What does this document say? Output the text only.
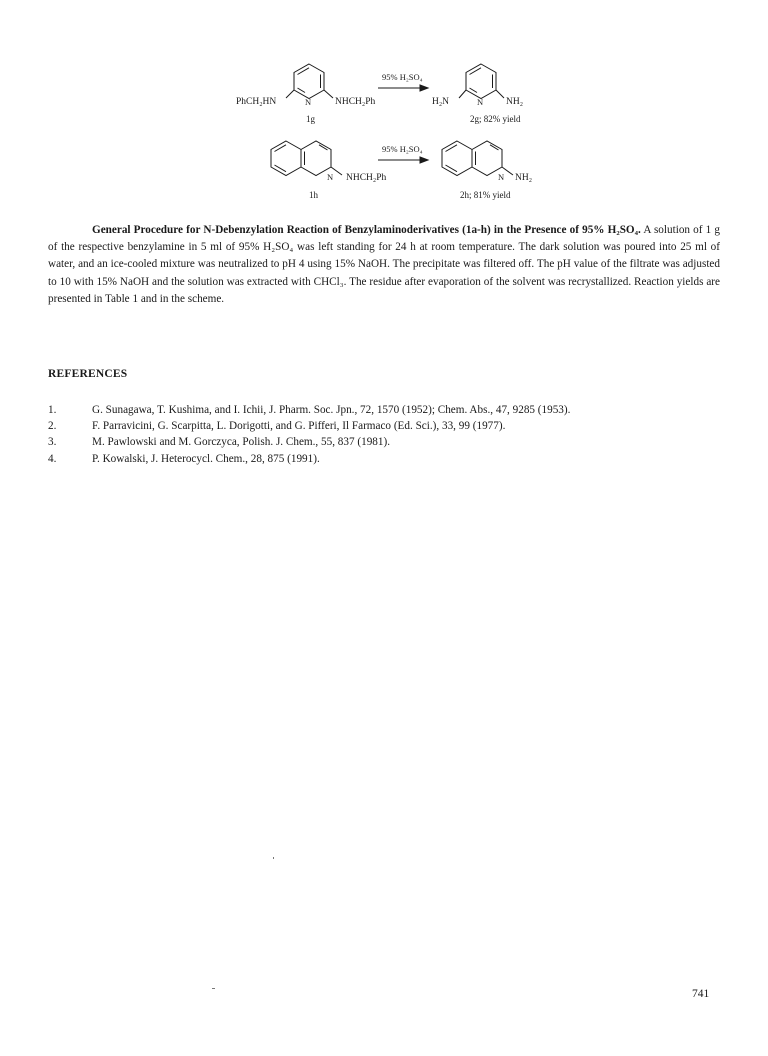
PhCH₂HN	N	NHCH₂Ph
1g
95% H₂SO₄
H₂N	N NH₂
2g; 82% yield
N NHCH₂Ph
1h
95% H₂SO₄
N NH₂
2h; 81% yield

General Procedure for N-Debenzylation Reaction of Benzylaminoderivatives (1a-h) in the Presence of 95% H₂SO₄. A solution of 1 g of the respective benzylamine in 5 ml of 95% H₂SO₄ was left standing for 24 h at room temperature. The dark solution was poured into 25 ml of water, and an ice-cooled mixture was neutralized to pH 4 using 15% NaOH. The precipitate was filtered off. The pH value of the filtrate was adjusted to 10 with 15% NaOH and the solution was extracted with CHCl₃. The residue after evaporation of the solvent was recrystallized. Reaction yields are presented in Table 1 and in the scheme.

REFERENCES
1.	G. Sunagawa, T. Kushima, and I. Ichii, J. Pharm. Soc. Jpn., 72, 1570 (1952); Chem. Abs., 47, 9285 (1953).
2.	F. Parravicini, G. Scarpitta, L. Dorigotti, and G. Pifferi, Il Farmaco (Ed. Sci.), 33, 99 (1977).
3.	M. Pawlowski and M. Gorczyca, Polish. J. Chem., 55, 837 (1981).
4.	P. Kowalski, J. Heterocycl. Chem., 28, 875 (1991).
741
